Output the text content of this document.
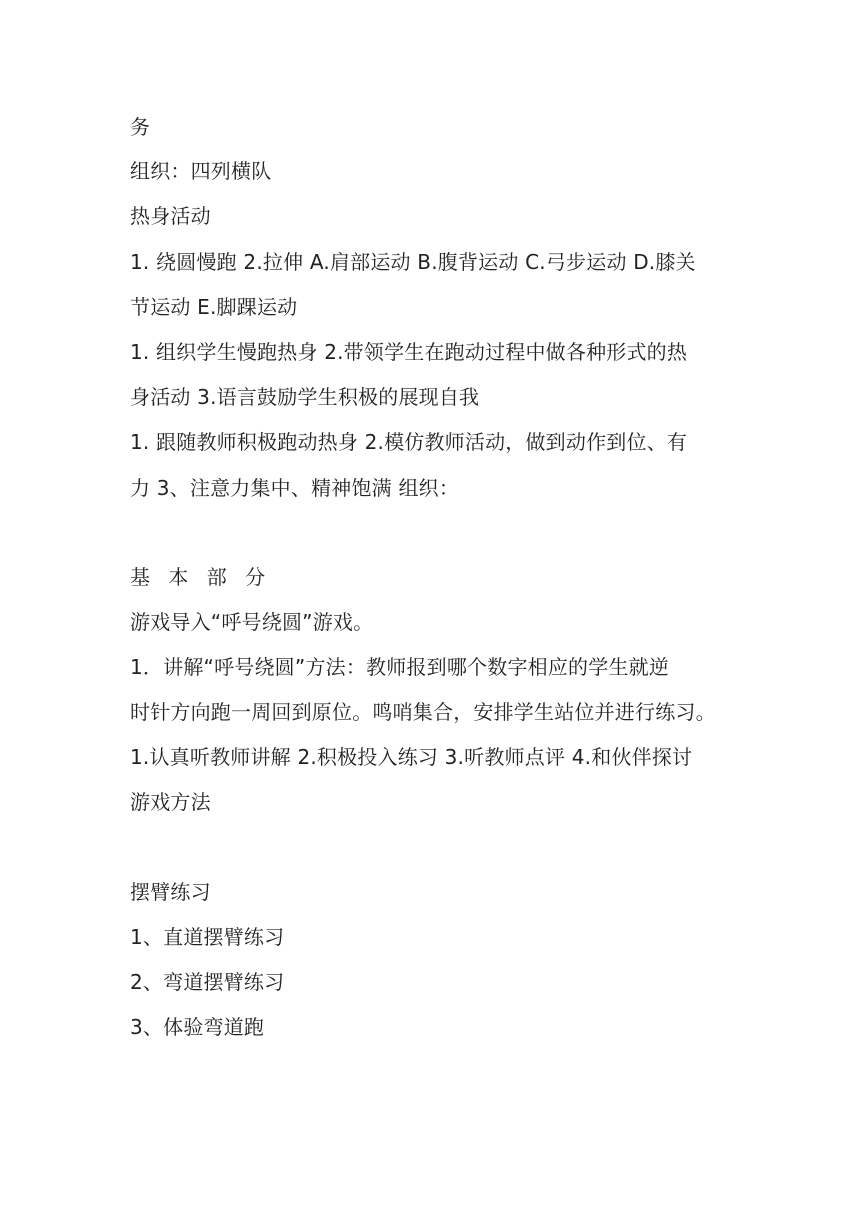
务
组织：四列横队
热身活动
1. 绕圆慢跑 2.拉伸 A.肩部运动 B.腹背运动 C.弓步运动 D.膝关
节运动 E.脚踝运动
1. 组织学生慢跑热身 2.带领学生在跑动过程中做各种形式的热
身活动 3.语言鼓励学生积极的展现自我
1. 跟随教师积极跑动热身 2.模仿教师活动，做到动作到位、有
力 3、注意力集中、精神饱满 组织：
基 本 部 分
游戏导入“呼号绕圆”游戏。
1．讲解“呼号绕圆”方法：教师报到哪个数字相应的学生就逆
时针方向跑一周回到原位。鸣哨集合，安排学生站位并进行练习。
1.认真听教师讲解 2.积极投入练习 3.听教师点评 4.和伙伴探讨
游戏方法
摆臂练习
1、直道摆臂练习
2、弯道摆臂练习
3、体验弯道跑
